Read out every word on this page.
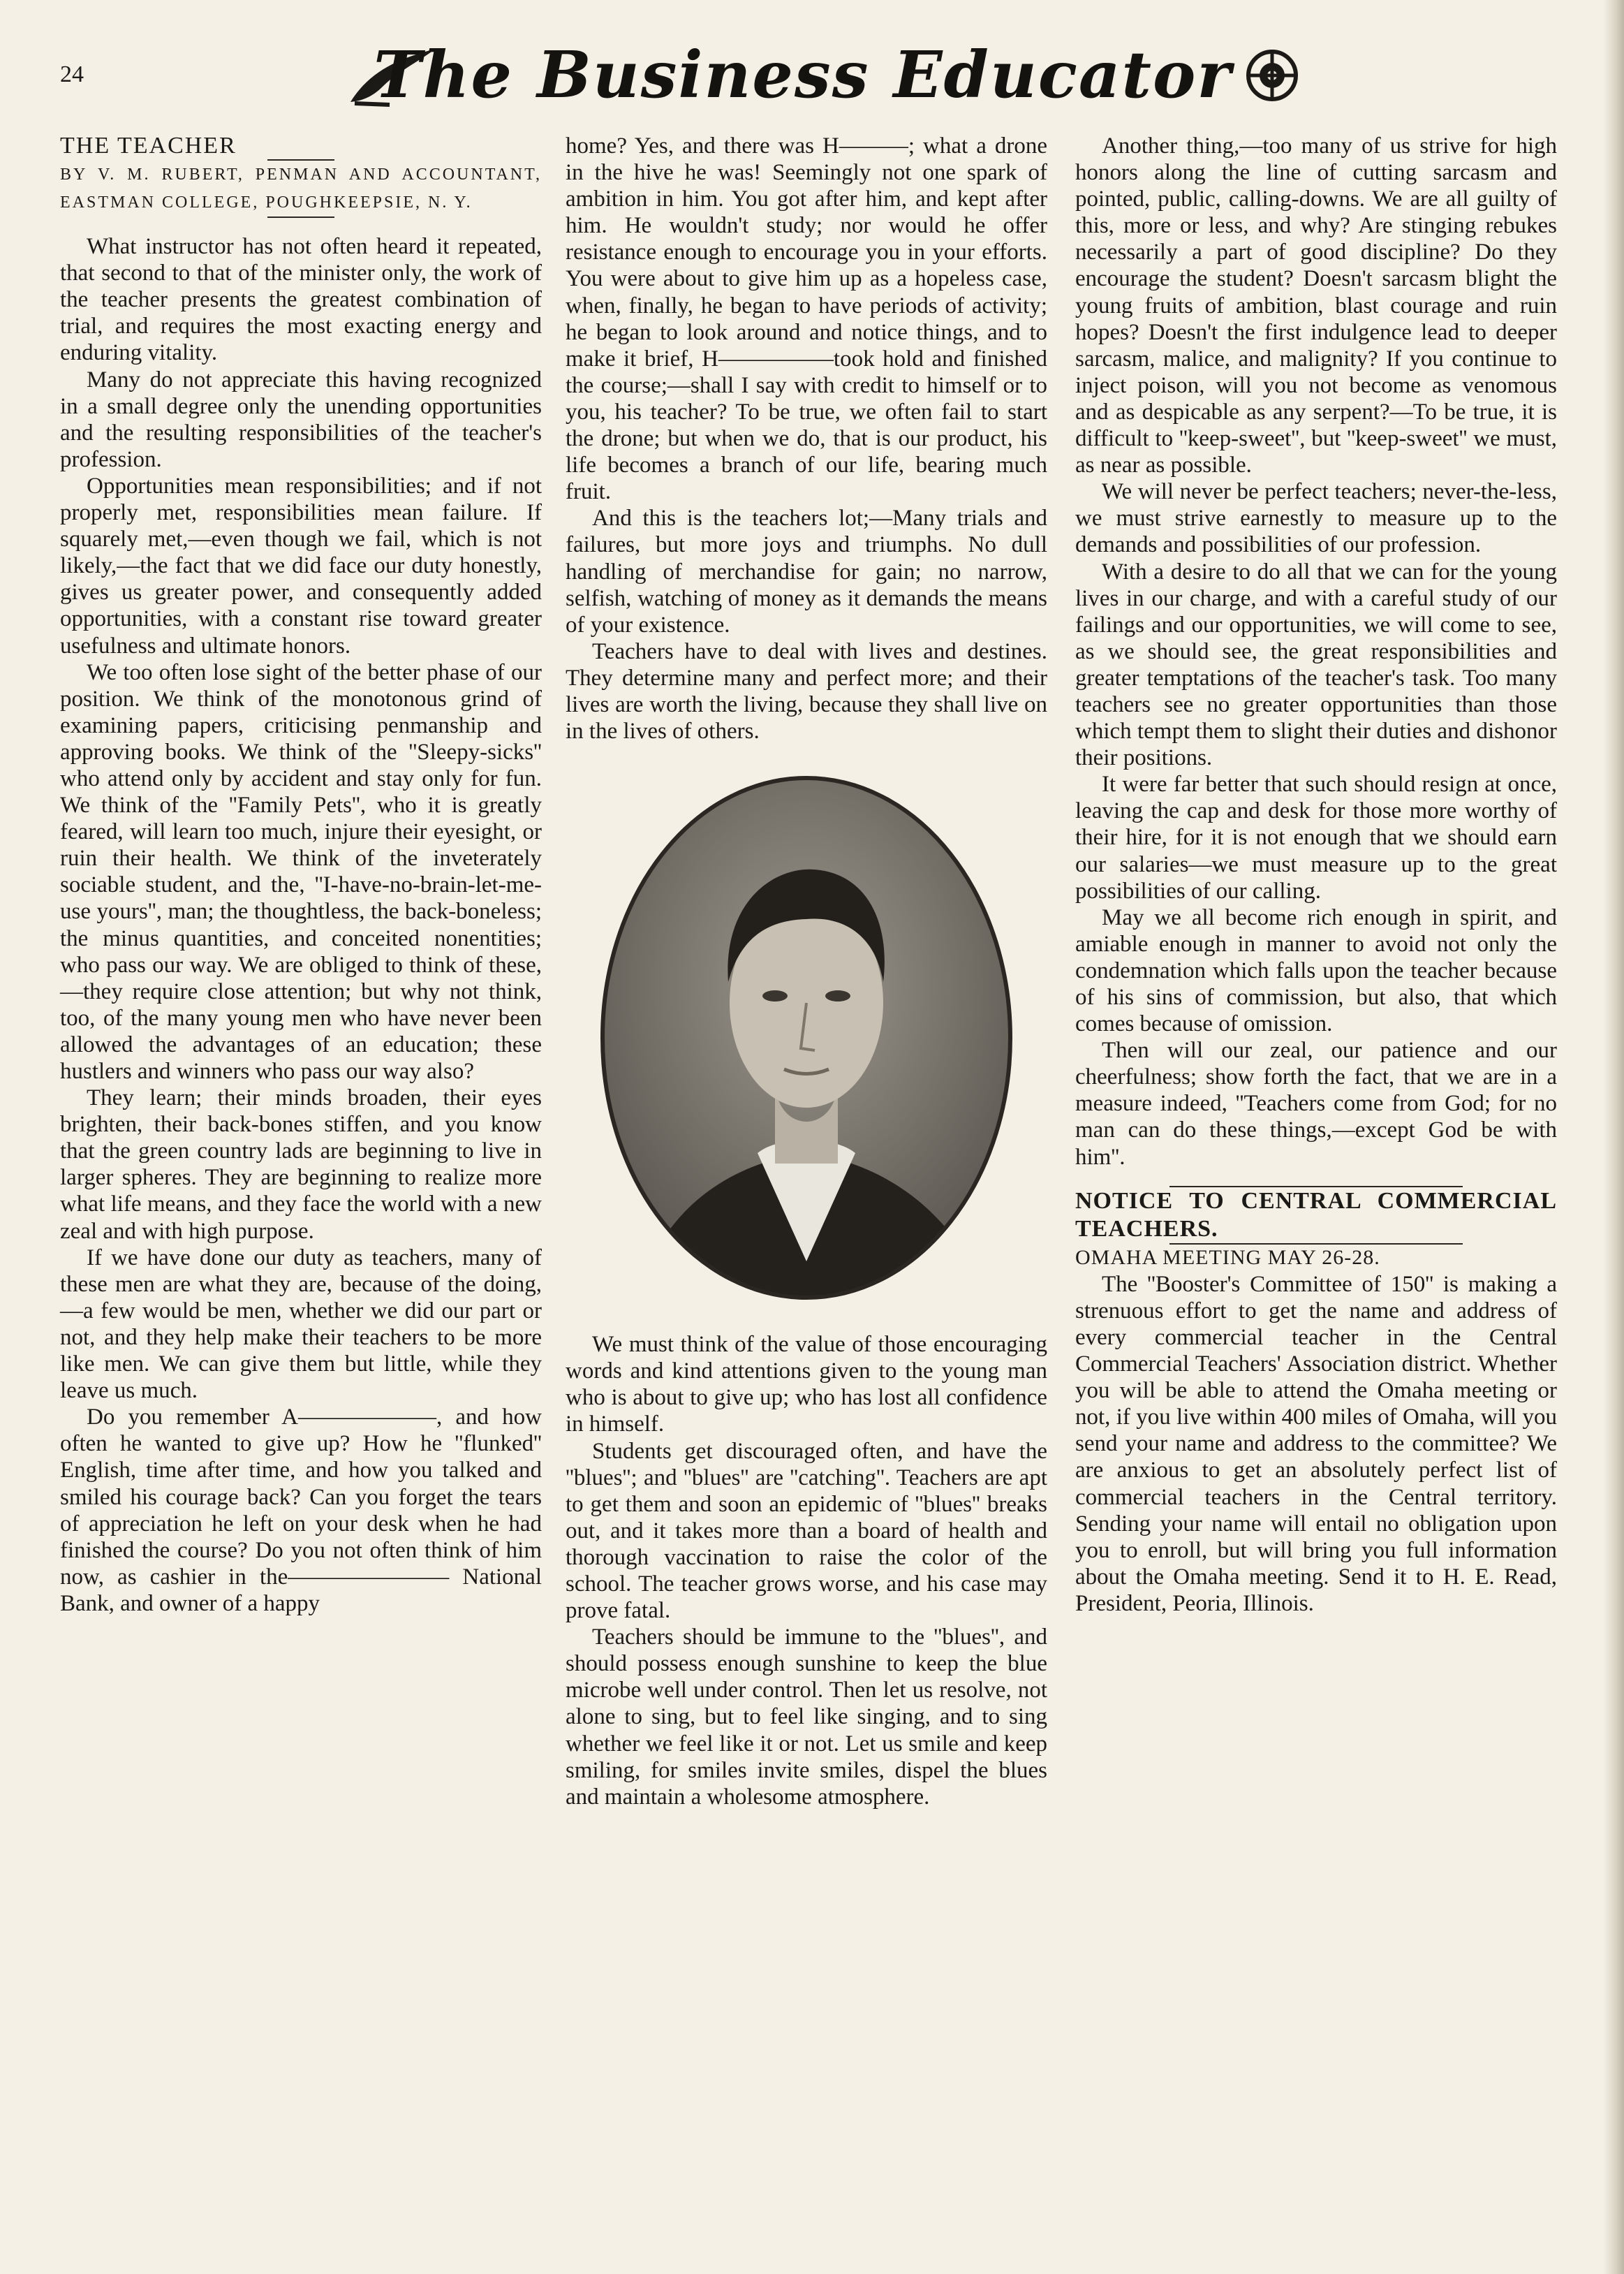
24	The Business Educator

THE TEACHER

BY V. M. RUBERT, PENMAN AND ACCOUNTANT, EASTMAN COLLEGE, POUGHKEEPSIE, N. Y.

What instructor has not often heard it repeated, that second to that of the minister only, the work of the teacher presents the greatest combination of trial, and requires the most exacting energy and enduring vitality.

Many do not appreciate this having recognized in a small degree only the unending opportunities and the resulting responsibilities of the teacher's profession.

Opportunities mean responsibilities; and if not properly met, responsibilities mean failure. If squarely met,—even though we fail, which is not likely,—the fact that we did face our duty honestly, gives us greater power, and consequently added opportunities, with a constant rise toward greater usefulness and ultimate honors.

We too often lose sight of the better phase of our position. We think of the monotonous grind of examining papers, criticising penmanship and approving books. We think of the ''Sleepy-sicks'' who attend only by accident and stay only for fun. We think of the ''Family Pets'', who it is greatly feared, will learn too much, injure their eyesight, or ruin their health. We think of the inveterately sociable student, and the, ''I-have-no-brain-let-me-use yours'', man; the thoughtless, the back-boneless; the minus quantities, and conceited nonentities; who pass our way. We are obliged to think of these,—they require close attention; but why not think, too, of the many young men who have never been allowed the advantages of an education; these hustlers and winners who pass our way also?

They learn; their minds broaden, their eyes brighten, their back-bones stiffen, and you know that the green country lads are beginning to live in larger spheres. They are beginning to realize more what life means, and they face the world with a new zeal and with high purpose.

If we have done our duty as teachers, many of these men are what they are, because of the doing,—a few would be men, whether we did our part or not, and they help make their teachers to be more like men. We can give them but little, while they leave us much.

Do you remember A——————, and how often he wanted to give up? How he ''flunked'' English, time after time, and how you talked and smiled his courage back? Can you forget the tears of appreciation he left on your desk when he had finished the course? Do you not often think of him now, as cashier in the——————— National Bank, and owner of a happy

home? Yes, and there was H———; what a drone in the hive he was! Seemingly not one spark of ambition in him. You got after him, and kept after him. He wouldn't study; nor would he offer resistance enough to encourage you in your efforts. You were about to give him up as a hopeless case, when, finally, he began to have periods of activity; he began to look around and notice things, and to make it brief, H—————took hold and finished the course;—shall I say with credit to himself or to you, his teacher? To be true, we often fail to start the drone; but when we do, that is our product, his life becomes a branch of our life, bearing much fruit.

And this is the teachers lot;—Many trials and failures, but more joys and triumphs. No dull handling of merchandise for gain; no narrow, selfish, watching of money as it demands the means of your existence.

Teachers have to deal with lives and destines. They determine many and perfect more; and their lives are worth the living, because they shall live on in the lives of others.

We must think of the value of those encouraging words and kind attentions given to the young man who is about to give up; who has lost all confidence in himself.

Students get discouraged often, and have the ''blues''; and ''blues'' are ''catching''. Teachers are apt to get them and soon an epidemic of ''blues'' breaks out, and it takes more than a board of health and thorough vaccination to raise the color of the school. The teacher grows worse, and his case may prove fatal.

Teachers should be immune to the ''blues'', and should possess enough sunshine to keep the blue microbe well under control. Then let us resolve, not alone to sing, but to feel like singing, and to sing whether we feel like it or not. Let us smile and keep smiling, for smiles invite smiles, dispel the blues and maintain a wholesome atmosphere.

Another thing,—too many of us strive for high honors along the line of cutting sarcasm and pointed, public, calling-downs. We are all guilty of this, more or less, and why? Are stinging rebukes necessarily a part of good discipline? Do they encourage the student? Doesn't sarcasm blight the young fruits of ambition, blast courage and ruin hopes? Doesn't the first indulgence lead to deeper sarcasm, malice, and malignity? If you continue to inject poison, will you not become as venomous and as despicable as any serpent?—To be true, it is difficult to ''keep-sweet'', but ''keep-sweet'' we must, as near as possible.

We will never be perfect teachers; never-the-less, we must strive earnestly to measure up to the demands and possibilities of our profession.

With a desire to do all that we can for the young lives in our charge, and with a careful study of our failings and our opportunities, we will come to see, as we should see, the great responsibilities and greater temptations of the teacher's task. Too many teachers see no greater opportunities than those which tempt them to slight their duties and dishonor their positions.

It were far better that such should resign at once, leaving the cap and desk for those more worthy of their hire, for it is not enough that we should earn our salaries—we must measure up to the great possibilities of our calling.

May we all become rich enough in spirit, and amiable enough in manner to avoid not only the condemnation which falls upon the teacher because of his sins of commission, but also, that which comes because of omission.

Then will our zeal, our patience and our cheerfulness; show forth the fact, that we are in a measure indeed, ''Teachers come from God; for no man can do these things,—except God be with him''.

NOTICE TO CENTRAL COMMERCIAL TEACHERS.

OMAHA MEETING MAY 26-28.

The ''Booster's Committee of 150'' is making a strenuous effort to get the name and address of every commercial teacher in the Central Commercial Teachers' Association district. Whether you will be able to attend the Omaha meeting or not, if you live within 400 miles of Omaha, will you send your name and address to the committee? We are anxious to get an absolutely perfect list of commercial teachers in the Central territory. Sending your name will entail no obligation upon you to enroll, but will bring you full information about the Omaha meeting. Send it to H. E. Read, President, Peoria, Illinois.
